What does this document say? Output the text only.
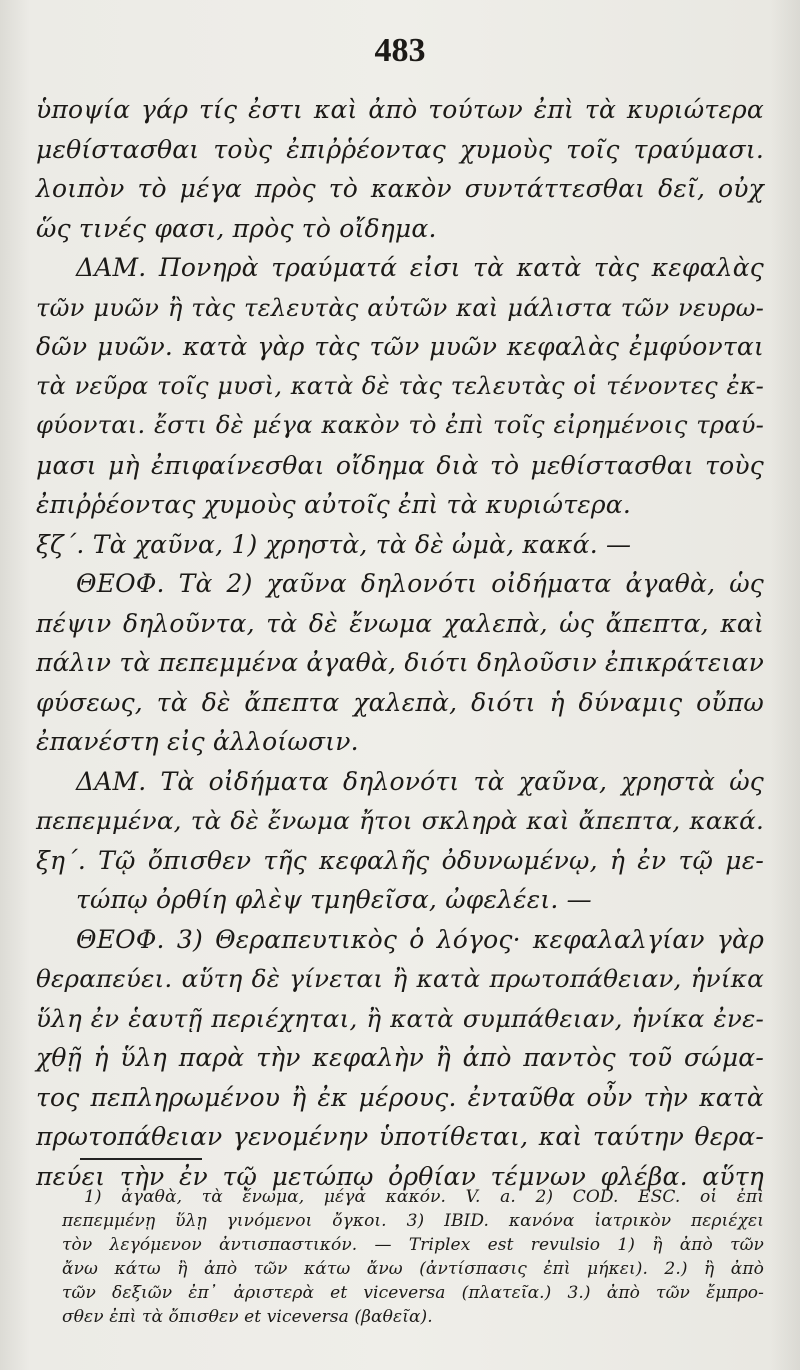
483
ὑποψία γάρ τίς ἐστι καὶ ἀπὸ τούτων ἐπὶ τὰ κυριώτερα
μεθίστασθαι τοὺς ἐπιῤῥέοντας χυμοὺς τοῖς τραύμασι.
λοιπὸν τὸ μέγα πρὸς τὸ κακὸν συντάττεσθαι δεῖ, οὐχ
ὥς τινές φασι, πρὸς τὸ οἴδημα.
ΔΑΜ. Πονηρὰ τραύματά εἰσι τὰ κατὰ τὰς κεφαλὰς
τῶν μυῶν ἢ τὰς τελευτὰς αὐτῶν καὶ μάλιστα τῶν νευρω-
δῶν μυῶν. κατὰ γὰρ τὰς τῶν μυῶν κεφαλὰς ἐμφύονται
τὰ νεῦρα τοῖς μυσὶ, κατὰ δὲ τὰς τελευτὰς οἱ τένοντες ἐκ-
φύονται. ἔστι δὲ μέγα κακὸν τὸ ἐπὶ τοῖς εἰρημένοις τραύ-
μασι μὴ ἐπιφαίνεσθαι οἴδημα διὰ τὸ μεθίστασθαι τοὺς
ἐπιῤῥέοντας χυμοὺς αὐτοῖς ἐπὶ τὰ κυριώτερα.
ξζ΄. Τὰ χαῦνα, 1) χρηστὰ, τὰ δὲ ὠμὰ, κακά. —
ΘΕΟΦ. Τὰ 2) χαῦνα δηλονότι οἰδήματα ἀγαθὰ, ὡς
πέψιν δηλοῦντα, τὰ δὲ ἔνωμα χαλεπὰ, ὡς ἄπεπτα, καὶ
πάλιν τὰ πεπεμμένα ἀγαθὰ, διότι δηλοῦσιν ἐπικράτειαν
φύσεως, τὰ δὲ ἄπεπτα χαλεπὰ, διότι ἡ δύναμις οὔπω
ἐπανέστη εἰς ἀλλοίωσιν.
ΔΑΜ. Τὰ οἰδήματα δηλονότι τὰ χαῦνα, χρηστὰ ὡς
πεπεμμένα, τὰ δὲ ἔνωμα ἤτοι σκληρὰ καὶ ἄπεπτα, κακά.
ξη΄. Τῷ ὄπισθεν τῆς κεφαλῆς ὀδυνωμένῳ, ἡ ἐν τῷ με-
τώπῳ ὀρθίη φλὲψ τμηθεῖσα, ὠφελέει. —
ΘΕΟΦ. 3) Θεραπευτικὸς ὁ λόγος· κεφαλαλγίαν γὰρ
θεραπεύει. αὕτη δὲ γίνεται ἢ κατὰ πρωτοπάθειαν, ἡνίκα
ὕλη ἐν ἑαυτῇ περιέχηται, ἢ κατὰ συμπάθειαν, ἡνίκα ἐνε-
χθῇ ἡ ὕλη παρὰ τὴν κεφαλὴν ἢ ἀπὸ παντὸς τοῦ σώμα-
τος πεπληρωμένου ἢ ἐκ μέρους. ἐνταῦθα οὖν τὴν κατὰ
πρωτοπάθειαν γενομένην ὑποτίθεται, καὶ ταύτην θερα-
πεύει τὴν ἐν τῷ μετώπῳ ὀρθίαν τέμνων φλέβα. αὕτη
1) ἀγαθὰ, τὰ ἔνωμα, μέγα κακόν. V. a. 2) COD. ESC. οἱ ἐπὶ
πεπεμμένῃ ὕλῃ γινόμενοι ὄγκοι. 3) IBID. κανόνα ἰατρικὸν περιέχει
τὸν λεγόμενον ἀντισπαστικόν. — Triplex est revulsio 1) ἢ ἀπὸ τῶν
ἄνω κάτω ἢ ἀπὸ τῶν κάτω ἄνω (ἀντίσπασις ἐπὶ μήκει). 2.) ἢ ἀπὸ
τῶν δεξιῶν ἐπ᾽ ἀριστερὰ et viceversa (πλατεῖα.) 3.) ἀπὸ τῶν ἔμπρο-
σθεν ἐπὶ τὰ ὄπισθεν et viceversa (βαθεῖα).
